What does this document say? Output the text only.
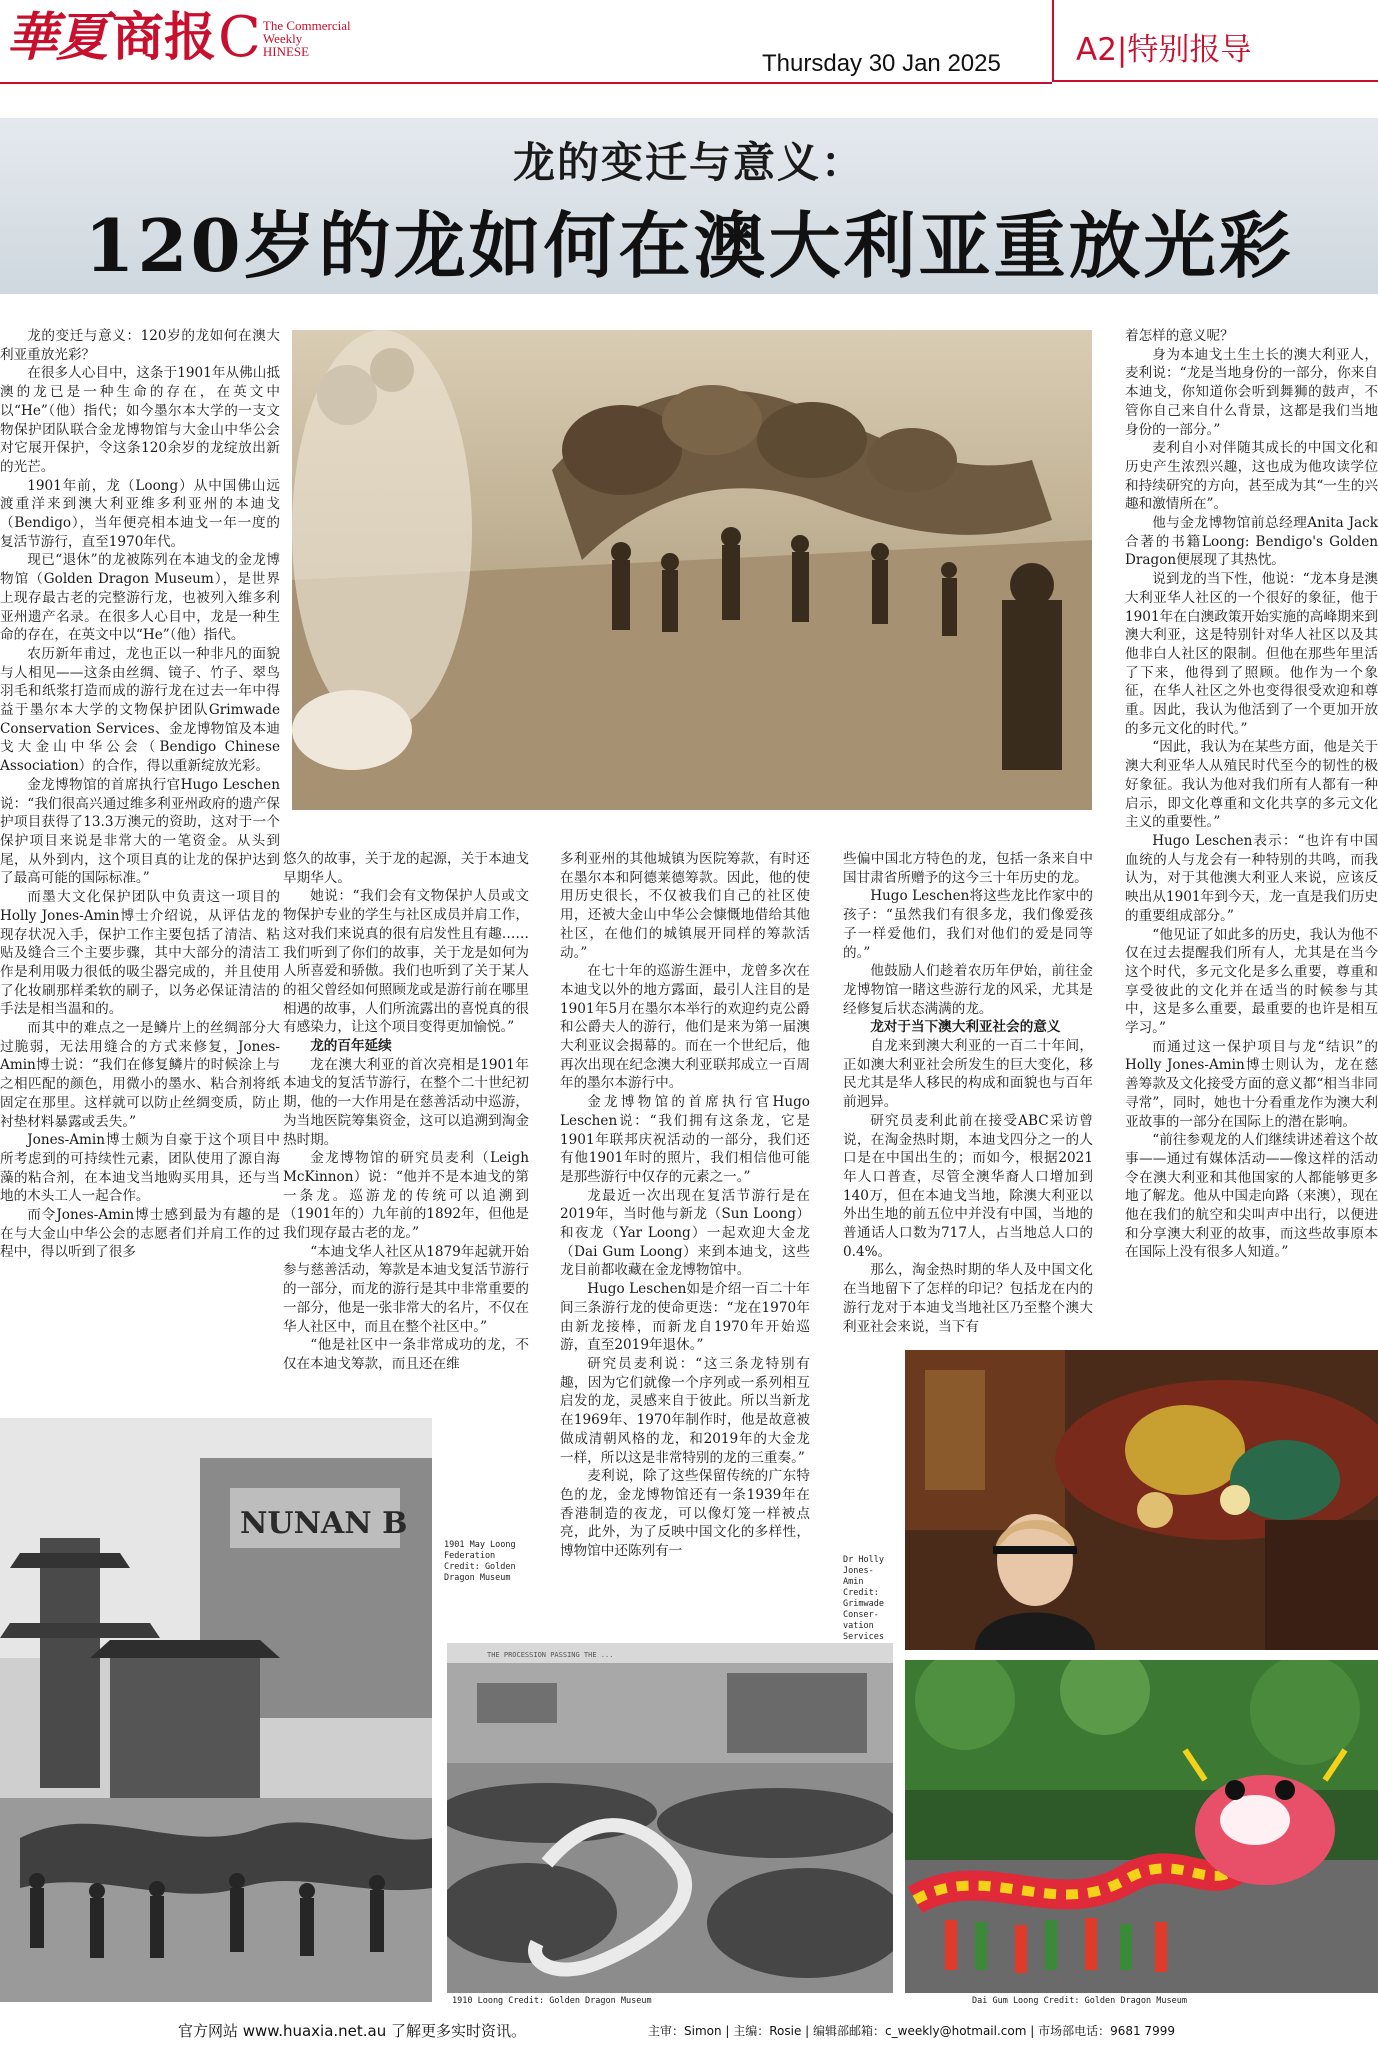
華夏 商报 C The Commercial
Weekly
HINESE	Thursday 30 Jan 2025 A2|特别报导
龙的变迁与意义：
120岁的龙如何在澳大利亚重放光彩

龙的变迁与意义：120岁的龙如何在澳大利亚重放光彩？

在很多人心目中，这条于1901年从佛山抵澳的龙已是一种生命的存在，在英文中以“He”（他）指代；如今墨尔本大学的一支文物保护团队联合金龙博物馆与大金山中华公会对它展开保护，令这条120余岁的龙绽放出新的光芒。

1901年前，龙（Loong）从中国佛山远渡重洋来到澳大利亚维多利亚州的本迪戈（Bendigo），当年便亮相本迪戈一年一度的复活节游行，直至1970年代。

现已“退休”的龙被陈列在本迪戈的金龙博物馆（Golden Dragon Museum），是世界上现存最古老的完整游行龙，也被列入维多利亚州遗产名录。在很多人心目中，龙是一种生命的存在，在英文中以“He”（他）指代。

农历新年甫过，龙也正以一种非凡的面貌与人相见——这条由丝绸、镜子、竹子、翠鸟羽毛和纸浆打造而成的游行龙在过去一年中得益于墨尔本大学的文物保护团队Grimwade Conservation Services、金龙博物馆及本迪戈大金山中华公会（Bendigo Chinese Association）的合作，得以重新绽放光彩。

金龙博物馆的首席执行官Hugo Leschen说：“我们很高兴通过维多利亚州政府的遗产保护项目获得了13.3万澳元的资助，这对于一个保护项目来说是非常大的一笔资金。从头到尾，从外到内，这个项目真的让龙的保护达到了最高可能的国际标准。”

而墨大文化保护团队中负责这一项目的Holly Jones-Amin博士介绍说，从评估龙的现存状况入手，保护工作主要包括了清洁、粘贴及缝合三个主要步骤，其中大部分的清洁工作是利用吸力很低的吸尘器完成的，并且使用了化妆刷那样柔软的刷子，以务必保证清洁的手法是相当温和的。

而其中的难点之一是鳞片上的丝绸部分大过脆弱，无法用缝合的方式来修复，Jones-Amin博士说：“我们在修复鳞片的时候涂上与之相匹配的颜色，用微小的墨水、粘合剂将纸固定在那里。这样就可以防止丝绸变质，防止衬垫材料暴露或丢失。”

Jones-Amin博士颇为自豪于这个项目中所考虑到的可持续性元素，团队使用了源自海藻的粘合剂，在本迪戈当地购买用具，还与当地的木头工人一起合作。

而令Jones-Amin博士感到最为有趣的是在与大金山中华公会的志愿者们并肩工作的过程中，得以听到了很多

悠久的故事，关于龙的起源，关于本迪戈早期华人。

她说：“我们会有文物保护人员或文物保护专业的学生与社区成员并肩工作，这对我们来说真的很有启发性且有趣……我们听到了你们的故事，关于龙是如何为人所喜爱和骄傲。我们也听到了关于某人的祖父曾经如何照顾龙或是游行前在哪里相遇的故事，人们所流露出的喜悦真的很有感染力，让这个项目变得更加愉悦。”

龙的百年延续

龙在澳大利亚的首次亮相是1901年本迪戈的复活节游行，在整个二十世纪初期，他的一大作用是在慈善活动中巡游，为当地医院筹集资金，这可以追溯到淘金热时期。

金龙博物馆的研究员麦利（Leigh McKinnon）说：“他并不是本迪戈的第一条龙。巡游龙的传统可以追溯到（1901年的）九年前的1892年，但他是我们现存最古老的龙。”

“本迪戈华人社区从1879年起就开始参与慈善活动，筹款是本迪戈复活节游行的一部分，而龙的游行是其中非常重要的一部分，他是一张非常大的名片，不仅在华人社区中，而且在整个社区中。”

“他是社区中一条非常成功的龙，不仅在本迪戈筹款，而且还在维

多利亚州的其他城镇为医院筹款，有时还在墨尔本和阿德莱德筹款。因此，他的使用历史很长，不仅被我们自己的社区使用，还被大金山中华公会慷慨地借给其他社区，在他们的城镇展开同样的筹款活动。”

在七十年的巡游生涯中，龙曾多次在本迪戈以外的地方露面，最引人注目的是1901年5月在墨尔本举行的欢迎约克公爵和公爵夫人的游行，他们是来为第一届澳大利亚议会揭幕的。而在一个世纪后，他再次出现在纪念澳大利亚联邦成立一百周年的墨尔本游行中。

金龙博物馆的首席执行官Hugo Leschen说：“我们拥有这条龙，它是1901年联邦庆祝活动的一部分，我们还有他1901年时的照片，我们相信他可能是那些游行中仅存的元素之一。”

龙最近一次出现在复活节游行是在2019年，当时他与新龙（Sun Loong）和夜龙（Yar Loong）一起欢迎大金龙（Dai Gum Loong）来到本迪戈，这些龙目前都收藏在金龙博物馆中。

Hugo Leschen如是介绍一百二十年间三条游行龙的使命更迭：“龙在1970年由新龙接棒，而新龙自1970年开始巡游，直至2019年退休。”

研究员麦利说：“这三条龙特别有趣，因为它们就像一个序列或一系列相互启发的龙，灵感来自于彼此。所以当新龙在1969年、1970年制作时，他是故意被做成清朝风格的龙，和2019年的大金龙一样，所以这是非常特别的龙的三重奏。”

麦利说，除了这些保留传统的广东特色的龙，金龙博物馆还有一条1939年在香港制造的夜龙，可以像灯笼一样被点亮，此外，为了反映中国文化的多样性，博物馆中还陈列有一

些偏中国北方特色的龙，包括一条来自中国甘肃省所赠予的这今三十年历史的龙。

Hugo Leschen将这些龙比作家中的孩子：“虽然我们有很多龙，我们像爱孩子一样爱他们，我们对他们的爱是同等的。”

他鼓励人们趁着农历年伊始，前往金龙博物馆一睹这些游行龙的风采，尤其是经修复后状态满满的龙。

龙对于当下澳大利亚社会的意义

自龙来到澳大利亚的一百二十年间，正如澳大利亚社会所发生的巨大变化，移民尤其是华人移民的构成和面貌也与百年前迥异。

研究员麦利此前在接受ABC采访曾说，在淘金热时期，本迪戈四分之一的人口是在中国出生的；而如今，根据2021年人口普查，尽管全澳华裔人口增加到140万，但在本迪戈当地，除澳大利亚以外出生地的前五位中并没有中国，当地的普通话人口数为717人，占当地总人口的0.4%。

那么，淘金热时期的华人及中国文化在当地留下了怎样的印记？包括龙在内的游行龙对于本迪戈当地社区乃至整个澳大利亚社会来说，当下有

着怎样的意义呢？

身为本迪戈土生土长的澳大利亚人，麦利说：“龙是当地身份的一部分，你来自本迪戈，你知道你会听到舞狮的鼓声，不管你自己来自什么背景，这都是我们当地身份的一部分。”

麦利自小对伴随其成长的中国文化和历史产生浓烈兴趣，这也成为他攻读学位和持续研究的方向，甚至成为其“一生的兴趣和激情所在”。

他与金龙博物馆前总经理Anita Jack合著的书籍Loong: Bendigo's Golden Dragon便展现了其热忱。

说到龙的当下性，他说：“龙本身是澳大利亚华人社区的一个很好的象征，他于1901年在白澳政策开始实施的高峰期来到澳大利亚，这是特别针对华人社区以及其他非白人社区的限制。但他在那些年里活了下来，他得到了照顾。他作为一个象征，在华人社区之外也变得很受欢迎和尊重。因此，我认为他活到了一个更加开放的多元文化的时代。”

“因此，我认为在某些方面，他是关于澳大利亚华人从殖民时代至今的韧性的极好象征。我认为他对我们所有人都有一种启示，即文化尊重和文化共享的多元文化主义的重要性。”

Hugo Leschen表示：“也许有中国血统的人与龙会有一种特别的共鸣，而我认为，对于其他澳大利亚人来说，应该反映出从1901年到今天，龙一直是我们历史的重要组成部分。”

“他见证了如此多的历史，我认为他不仅在过去提醒我们所有人，尤其是在当今这个时代，多元文化是多么重要，尊重和享受彼此的文化并在适当的时候参与其中，这是多么重要，最重要的也许是相互学习。”

而通过这一保护项目与龙“结识”的Holly Jones-Amin博士则认为，龙在慈善筹款及文化接受方面的意义都“相当非同寻常”，同时，她也十分看重龙作为澳大利亚故事的一部分在国际上的潜在影响。

“前往参观龙的人们继续讲述着这个故事——通过有媒体活动——像这样的活动令在澳大利亚和其他国家的人都能够更多地了解龙。他从中国走向路（来澳），现在他在我们的航空和尖叫声中出行，以便进和分享澳大利亚的故事，而这些故事原本在国际上没有很多人知道。”

NUNAN B
1901 May Loong Federation Credit: Golden Dragon Museum
THE PROCESSION PASSING THE ...
1910 Loong Credit: Golden Dragon Museum
Dr Holly Jones-Amin Credit: Grimwade Conser- vation Services
Dai Gum Loong Credit: Golden Dragon Museum
官方网站 www.huaxia.net.au 了解更多实时资讯。	主审：Simon | 主编：Rosie | 编辑部邮箱：c_weekly@hotmail.com | 市场部电话：9681 7999
